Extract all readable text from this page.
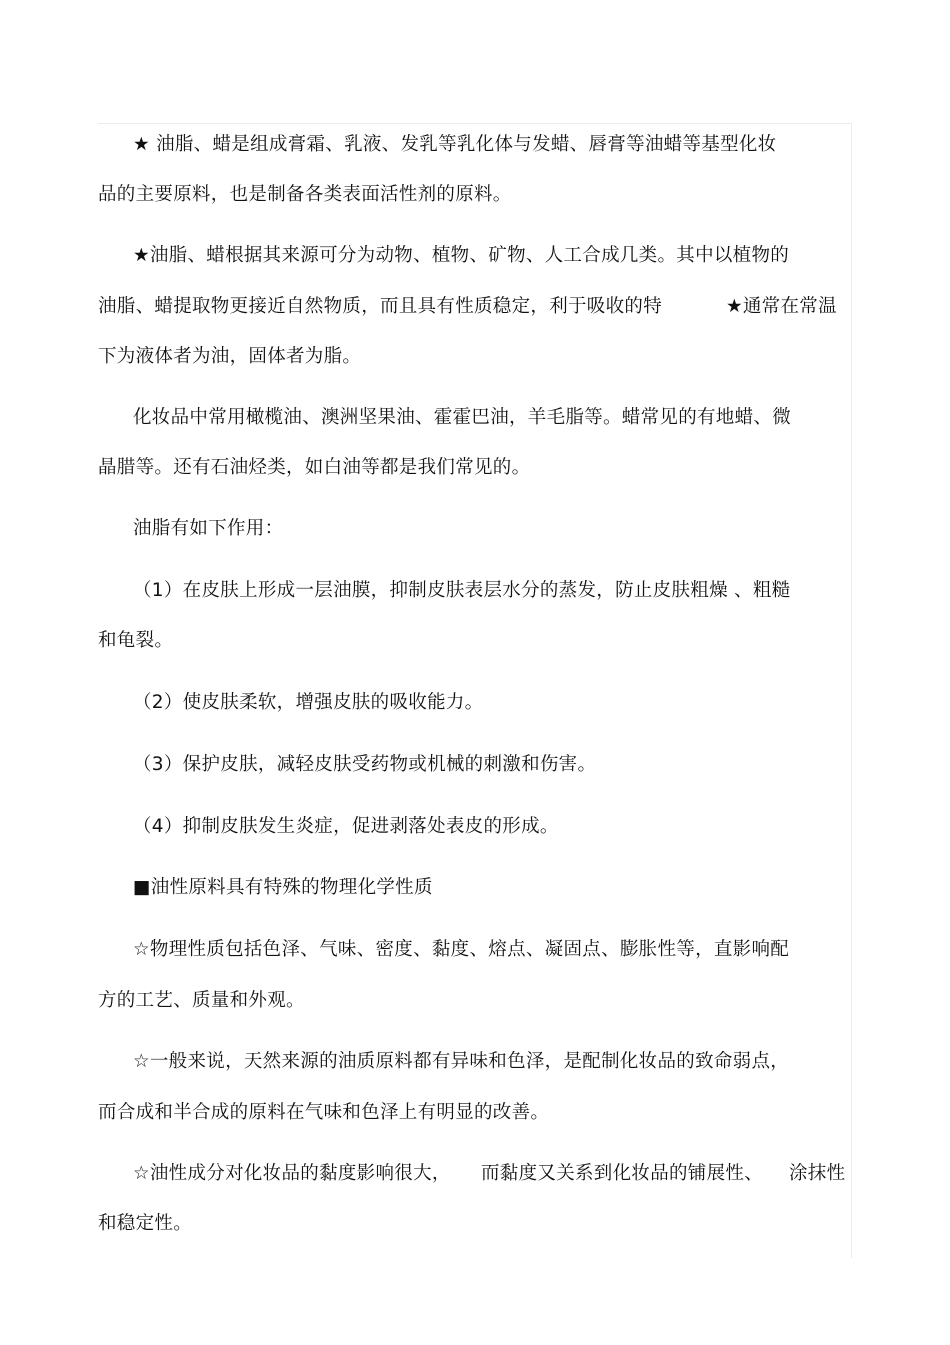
★ 油脂、蜡是组成膏霜、乳液、发乳等乳化体与发蜡、唇膏等油蜡等基型化妆
品的主要原料，也是制备各类表面活性剂的原料。
★油脂、蜡根据其来源可分为动物、植物、矿物、人工合成几类。其中以植物的
油脂、蜡提取物更接近自然物质，而且具有性质稳定，利于吸收的特	★通常在常温
下为液体者为油，固体者为脂。
化妆品中常用橄榄油、澳洲坚果油、霍霍巴油，羊毛脂等。蜡常见的有地蜡、微
晶腊等。还有石油烃类，如白油等都是我们常见的。
油脂有如下作用：
（1）在皮肤上形成一层油膜，抑制皮肤表层水分的蒸发，防止皮肤粗燥 、粗糙
和龟裂。
（2）使皮肤柔软，增强皮肤的吸收能力。
（3）保护皮肤，减轻皮肤受药物或机械的刺激和伤害。
（4）抑制皮肤发生炎症，促进剥落处表皮的形成。
■油性原料具有特殊的物理化学性质
☆物理性质包括色泽、气味、密度、黏度、熔点、凝固点、膨胀性等，直影响配
方的工艺、质量和外观。
☆一般来说，天然来源的油质原料都有异味和色泽，是配制化妆品的致命弱点，
而合成和半合成的原料在气味和色泽上有明显的改善。
☆油性成分对化妆品的黏度影响很大， 而黏度又关系到化妆品的铺展性、 涂抹性
和稳定性。
